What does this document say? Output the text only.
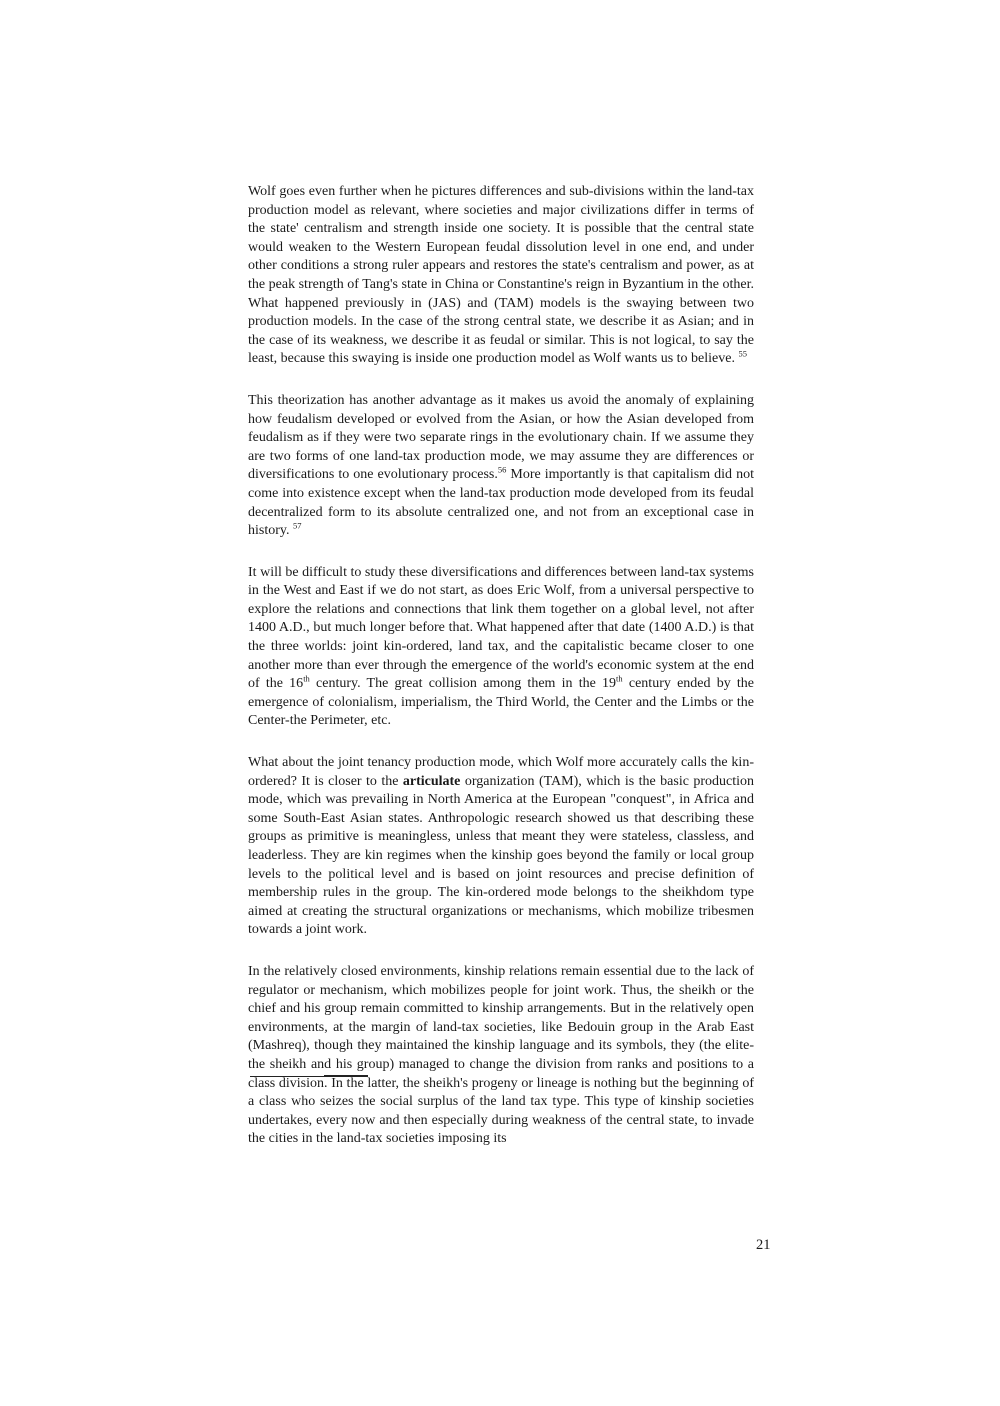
Wolf goes even further when he pictures differences and sub-divisions within the land-tax production model as relevant, where societies and major civilizations differ in terms of the state' centralism and strength inside one society. It is possible that the central state would weaken to the Western European feudal dissolution level in one end, and under other conditions a strong ruler appears and restores the state's centralism and power, as at the peak strength of Tang's state in China or Constantine's reign in Byzantium in the other. What happened previously in (JAS) and (TAM) models is the swaying between two production models. In the case of the strong central state, we describe it as Asian; and in the case of its weakness, we describe it as feudal or similar. This is not logical, to say the least, because this swaying is inside one production model as Wolf wants us to believe. $^{55}$

This theorization has another advantage as it makes us avoid the anomaly of explaining how feudalism developed or evolved from the Asian, or how the Asian developed from feudalism as if they were two separate rings in the evolutionary chain. If we assume they are two forms of one land-tax production mode, we may assume they are differences or diversifications to one evolutionary process.$^{56}$ More importantly is that capitalism did not come into existence except when the land-tax production mode developed from its feudal decentralized form to its absolute centralized one, and not from an exceptional case in history. $^{57}$

It will be difficult to study these diversifications and differences between land-tax systems in the West and East if we do not start, as does Eric Wolf, from a universal perspective to explore the relations and connections that link them together on a global level, not after 1400 A.D., but much longer before that. What happened after that date (1400 A.D.) is that the three worlds: joint kin-ordered, land tax, and the capitalistic became closer to one another more than ever through the emergence of the world's economic system at the end of the 16th century. The great collision among them in the 19th century ended by the emergence of colonialism, imperialism, the Third World, the Center and the Limbs or the Center-the Perimeter, etc.

What about the joint tenancy production mode, which Wolf more accurately calls the kin-ordered? It is closer to the articulate organization (TAM), which is the basic production mode, which was prevailing in North America at the European "conquest", in Africa and some South-East Asian states. Anthropologic research showed us that describing these groups as primitive is meaningless, unless that meant they were stateless, classless, and leaderless. They are kin regimes when the kinship goes beyond the family or local group levels to the political level and is based on joint resources and precise definition of membership rules in the group. The kin-ordered mode belongs to the sheikhdom type aimed at creating the structural organizations or mechanisms, which mobilize tribesmen towards a joint work.

In the relatively closed environments, kinship relations remain essential due to the lack of regulator or mechanism, which mobilizes people for joint work. Thus, the sheikh or the chief and his group remain committed to kinship arrangements. But in the relatively open environments, at the margin of land-tax societies, like Bedouin group in the Arab East (Mashreq), though they maintained the kinship language and its symbols, they (the elite-the sheikh and his group) managed to change the division from ranks and positions to a class division. In the latter, the sheikh's progeny or lineage is nothing but the beginning of a class who seizes the social surplus of the land tax type. This type of kinship societies undertakes, every now and then especially during weakness of the central state, to invade the cities in the land-tax societies imposing its

21
